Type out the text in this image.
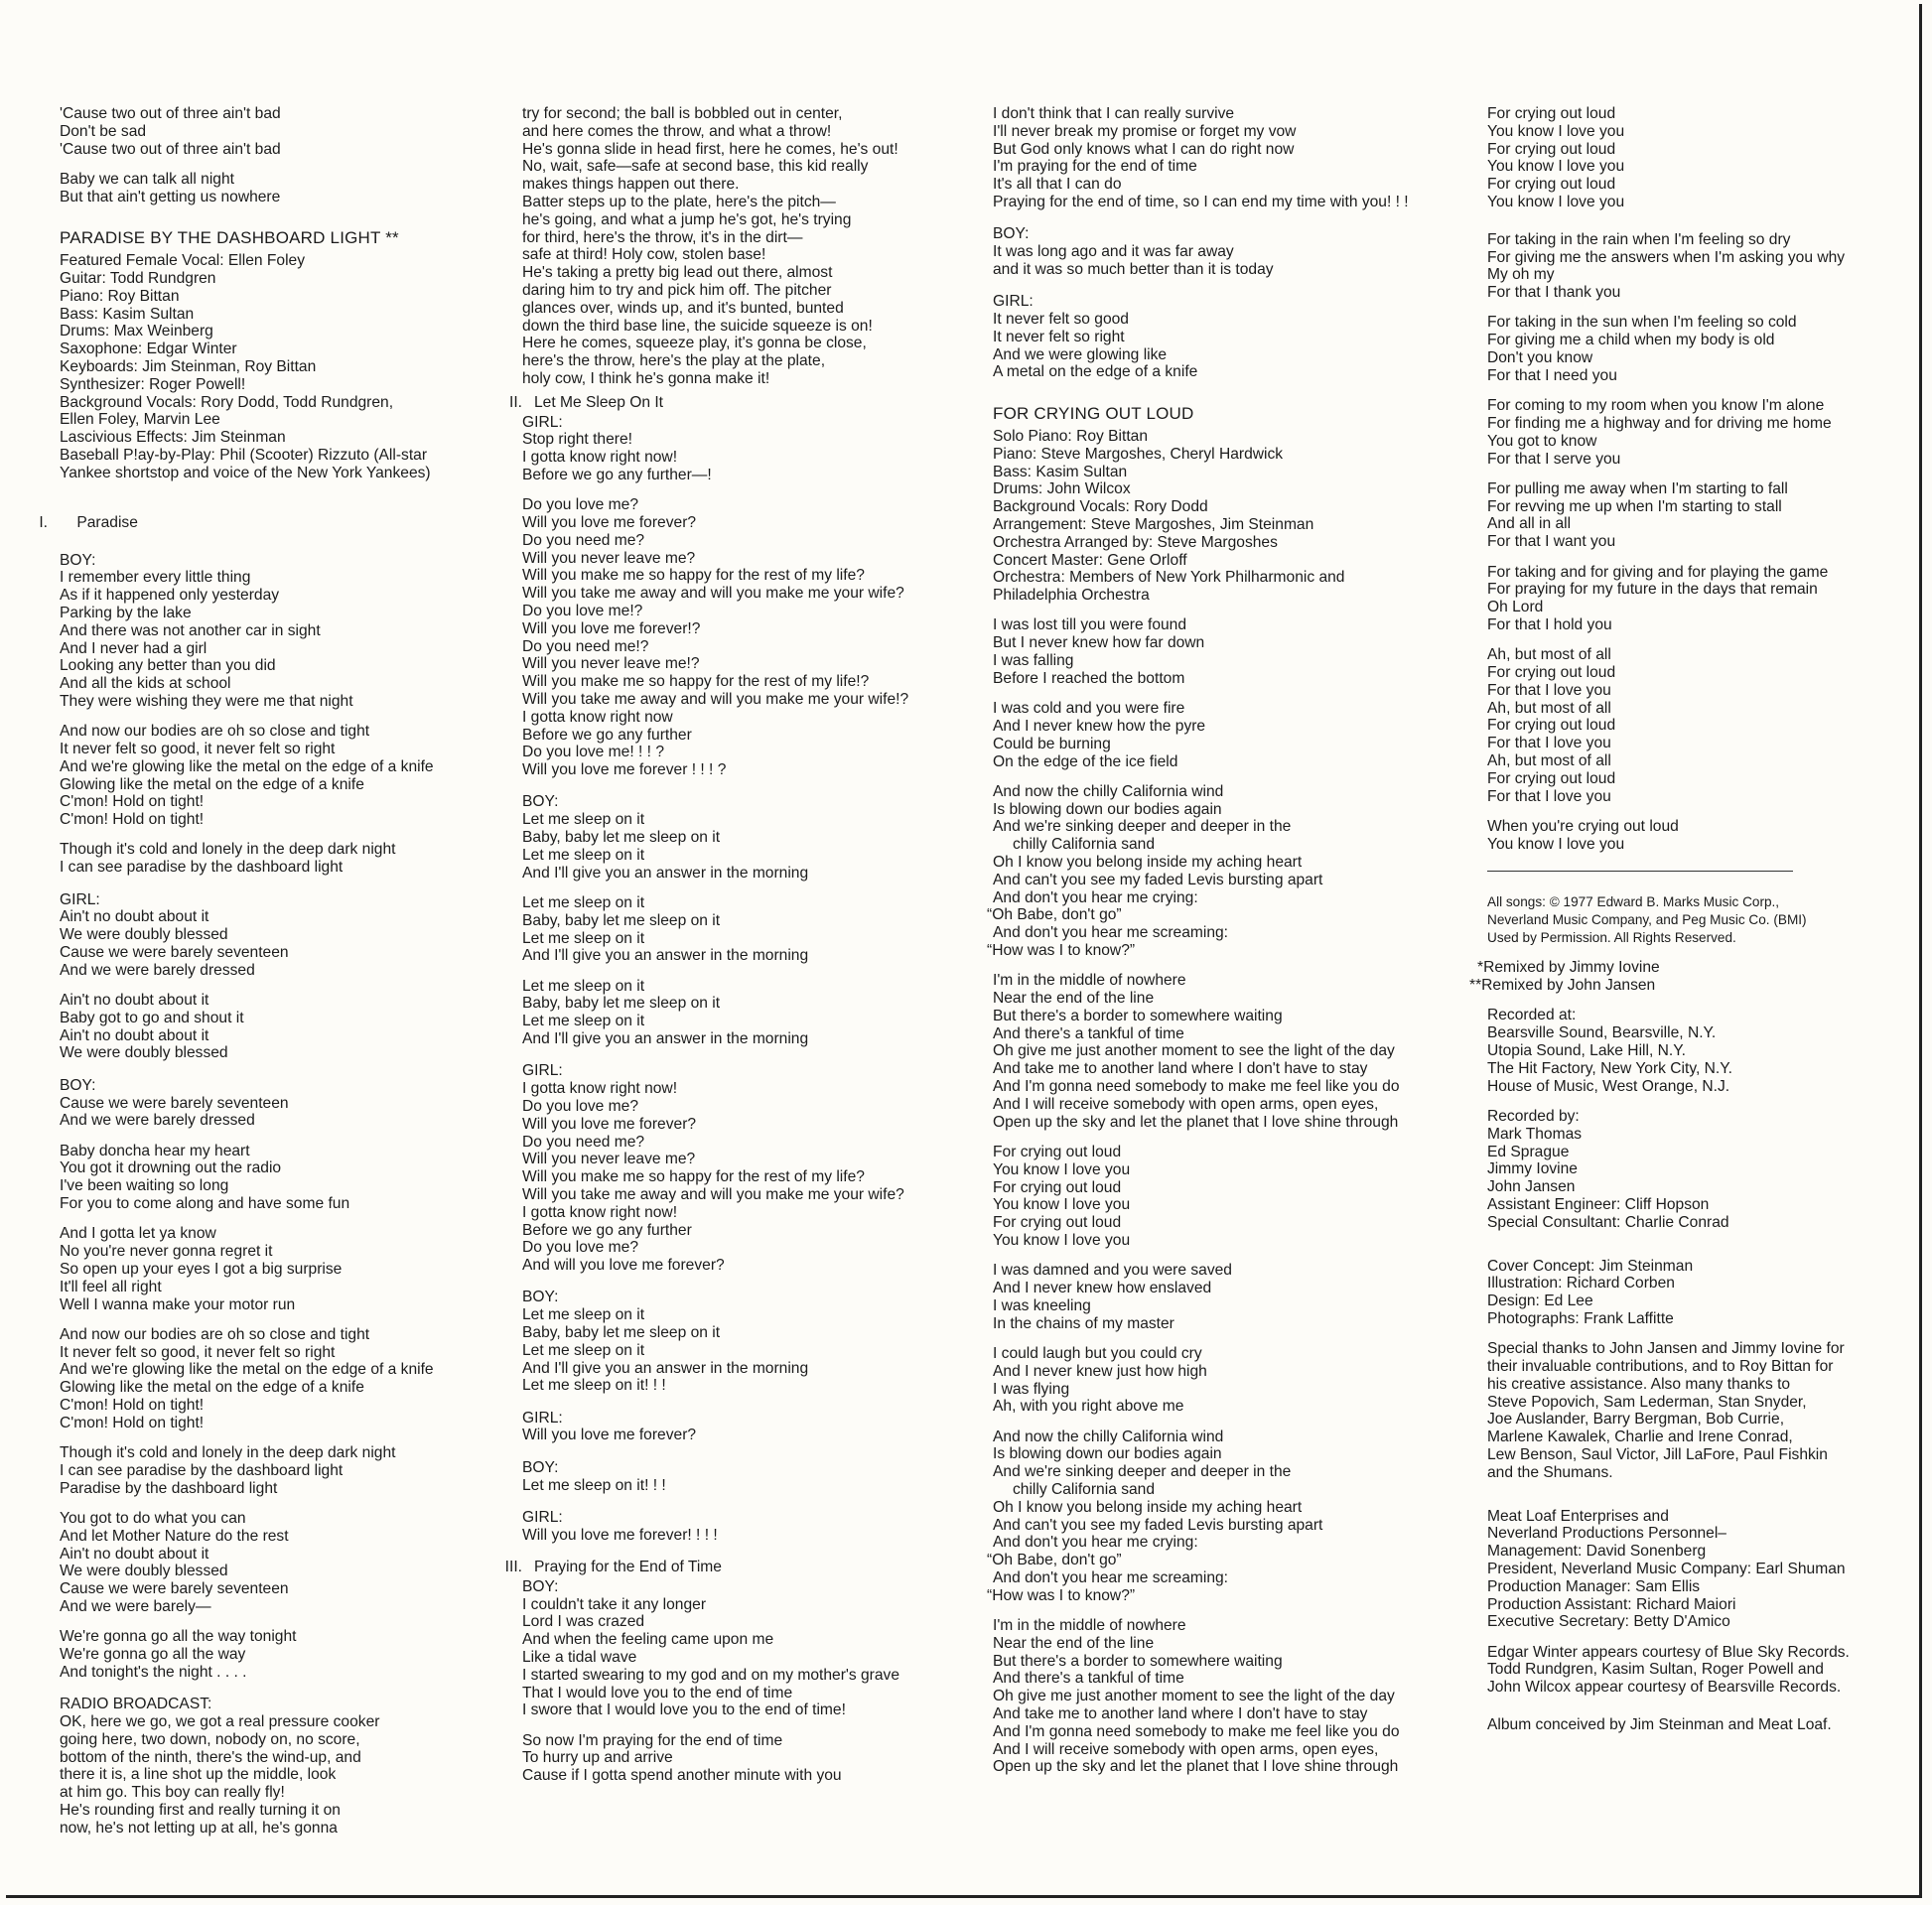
'Cause two out of three ain't bad
Don't be sad
'Cause two out of three ain't bad
Baby we can talk all night
But that ain't getting us nowhere
PARADISE BY THE DASHBOARD LIGHT **
Featured Female Vocal: Ellen Foley
Guitar: Todd Rundgren
Piano: Roy Bittan
Bass: Kasim Sultan
Drums: Max Weinberg
Saxophone: Edgar Winter
Keyboards: Jim Steinman, Roy Bittan
Synthesizer: Roger Powell!
Background Vocals: Rory Dodd, Todd Rundgren,
Ellen Foley, Marvin Lee
Lascivious Effects: Jim Steinman
Baseball P!ay-by-Play: Phil (Scooter) Rizzuto (All-star
Yankee shortstop and voice of the New York Yankees)

I. Paradise

BOY:
I remember every little thing
As if it happened only yesterday
Parking by the lake
And there was not another car in sight
And I never had a girl
Looking any better than you did
And all the kids at school
They were wishing they were me that night
And now our bodies are oh so close and tight
It never felt so good, it never felt so right
And we're glowing like the metal on the edge of a knife
Glowing like the metal on the edge of a knife
C'mon! Hold on tight!
C'mon! Hold on tight!
Though it's cold and lonely in the deep dark night
I can see paradise by the dashboard light
GIRL:
Ain't no doubt about it
We were doubly blessed
Cause we were barely seventeen
And we were barely dressed
Ain't no doubt about it
Baby got to go and shout it
Ain't no doubt about it
We were doubly blessed
BOY:
Cause we were barely seventeen
And we were barely dressed
Baby doncha hear my heart
You got it drowning out the radio
I've been waiting so long
For you to come along and have some fun
And I gotta let ya know
No you're never gonna regret it
So open up your eyes I got a big surprise
It'll feel all right
Well I wanna make your motor run
And now our bodies are oh so close and tight
It never felt so good, it never felt so right
And we're glowing like the metal on the edge of a knife
Glowing like the metal on the edge of a knife
C'mon! Hold on tight!
C'mon! Hold on tight!
Though it's cold and lonely in the deep dark night
I can see paradise by the dashboard light
Paradise by the dashboard light
You got to do what you can
And let Mother Nature do the rest
Ain't no doubt about it
We were doubly blessed
Cause we were barely seventeen
And we were barely—
We're gonna go all the way tonight
We're gonna go all the way
And tonight's the night . . . .
RADIO BROADCAST:
OK, here we go, we got a real pressure cooker
going here, two down, nobody on, no score,
bottom of the ninth, there's the wind-up, and
there it is, a line shot up the middle, look
at him go. This boy can really fly!
He's rounding first and really turning it on
now, he's not letting up at all, he's gonna
try for second; the ball is bobbled out in center,
and here comes the throw, and what a throw!
He's gonna slide in head first, here he comes, he's out!
No, wait, safe—safe at second base, this kid really
makes things happen out there.
Batter steps up to the plate, here's the pitch—
he's going, and what a jump he's got, he's trying
for third, here's the throw, it's in the dirt—
safe at third! Holy cow, stolen base!
He's taking a pretty big lead out there, almost
daring him to try and pick him off. The pitcher
glances over, winds up, and it's bunted, bunted
down the third base line, the suicide squeeze is on!
Here he comes, squeeze play, it's gonna be close,
here's the throw, here's the play at the plate,
holy cow, I think he's gonna make it!
II. Let Me Sleep On It
GIRL:
Stop right there!
I gotta know right now!
Before we go any further—!
Do you love me?
Will you love me forever?
Do you need me?
Will you never leave me?
Will you make me so happy for the rest of my life?
Will you take me away and will you make me your wife?
Do you love me!?
Will you love me forever!?
Do you need me!?
Will you never leave me!?
Will you make me so happy for the rest of my life!?
Will you take me away and will you make me your wife!?
I gotta know right now
Before we go any further
Do you love me! ! ! ?
Will you love me forever ! ! ! ?
BOY:
Let me sleep on it
Baby, baby let me sleep on it
Let me sleep on it
And I'll give you an answer in the morning
Let me sleep on it
Baby, baby let me sleep on it
Let me sleep on it
And I'll give you an answer in the morning
Let me sleep on it
Baby, baby let me sleep on it
Let me sleep on it
And I'll give you an answer in the morning
GIRL:
I gotta know right now!
Do you love me?
Will you love me forever?
Do you need me?
Will you never leave me?
Will you make me so happy for the rest of my life?
Will you take me away and will you make me your wife?
I gotta know right now!
Before we go any further
Do you love me?
And will you love me forever?
BOY:
Let me sleep on it
Baby, baby let me sleep on it
Let me sleep on it
And I'll give you an answer in the morning
Let me sleep on it! ! !
GIRL:
Will you love me forever?
BOY:
Let me sleep on it! ! !
GIRL:
Will you love me forever! ! ! !
III. Praying for the End of Time
BOY:
I couldn't take it any longer
Lord I was crazed
And when the feeling came upon me
Like a tidal wave
I started swearing to my god and on my mother's grave
That I would love you to the end of time
I swore that I would love you to the end of time!
So now I'm praying for the end of time
To hurry up and arrive
Cause if I gotta spend another minute with you
I don't think that I can really survive
I'll never break my promise or forget my vow
But God only knows what I can do right now
I'm praying for the end of time
It's all that I can do
Praying for the end of time, so I can end my time with you! ! !
BOY:
It was long ago and it was far away
and it was so much better than it is today
GIRL:
It never felt so good
It never felt so right
And we were glowing like
A metal on the edge of a knife
FOR CRYING OUT LOUD
Solo Piano: Roy Bittan
Piano: Steve Margoshes, Cheryl Hardwick
Bass: Kasim Sultan
Drums: John Wilcox
Background Vocals: Rory Dodd
Arrangement: Steve Margoshes, Jim Steinman
Orchestra Arranged by: Steve Margoshes
Concert Master: Gene Orloff
Orchestra: Members of New York Philharmonic and
Philadelphia Orchestra
I was lost till you were found
But I never knew how far down
I was falling
Before I reached the bottom
I was cold and you were fire
And I never knew how the pyre
Could be burning
On the edge of the ice field
And now the chilly California wind
Is blowing down our bodies again
And we're sinking deeper and deeper in the
chilly California sand
Oh I know you belong inside my aching heart
And can't you see my faded Levis bursting apart
And don't you hear me crying:
“Oh Babe, don't go”
And don't you hear me screaming:
“How was I to know?”
I'm in the middle of nowhere
Near the end of the line
But there's a border to somewhere waiting
And there's a tankful of time
Oh give me just another moment to see the light of the day
And take me to another land where I don't have to stay
And I'm gonna need somebody to make me feel like you do
And I will receive somebody with open arms, open eyes,
Open up the sky and let the planet that I love shine through
For crying out loud
You know I love you
For crying out loud
You know I love you
For crying out loud
You know I love you
I was damned and you were saved
And I never knew how enslaved
I was kneeling
In the chains of my master
I could laugh but you could cry
And I never knew just how high
I was flying
Ah, with you right above me
And now the chilly California wind
Is blowing down our bodies again
And we're sinking deeper and deeper in the
chilly California sand
Oh I know you belong inside my aching heart
And can't you see my faded Levis bursting apart
And don't you hear me crying:
“Oh Babe, don't go”
And don't you hear me screaming:
“How was I to know?”
I'm in the middle of nowhere
Near the end of the line
But there's a border to somewhere waiting
And there's a tankful of time
Oh give me just another moment to see the light of the day
And take me to another land where I don't have to stay
And I'm gonna need somebody to make me feel like you do
And I will receive somebody with open arms, open eyes,
Open up the sky and let the planet that I love shine through
For crying out loud
You know I love you
For crying out loud
You know I love you
For crying out loud
You know I love you
For taking in the rain when I'm feeling so dry
For giving me the answers when I'm asking you why
My oh my
For that I thank you
For taking in the sun when I'm feeling so cold
For giving me a child when my body is old
Don't you know
For that I need you
For coming to my room when you know I'm alone
For finding me a highway and for driving me home
You got to know
For that I serve you
For pulling me away when I'm starting to fall
For revving me up when I'm starting to stall
And all in all
For that I want you
For taking and for giving and for playing the game
For praying for my future in the days that remain
Oh Lord
For that I hold you
Ah, but most of all
For crying out loud
For that I love you
Ah, but most of all
For crying out loud
For that I love you
Ah, but most of all
For crying out loud
For that I love you
When you're crying out loud
You know I love you
All songs: © 1977 Edward B. Marks Music Corp.,
Neverland Music Company, and Peg Music Co. (BMI)
Used by Permission. All Rights Reserved.
*Remixed by Jimmy Iovine
**Remixed by John Jansen
Recorded at:
Bearsville Sound, Bearsville, N.Y.
Utopia Sound, Lake Hill, N.Y.
The Hit Factory, New York City, N.Y.
House of Music, West Orange, N.J.
Recorded by:
Mark Thomas
Ed Sprague
Jimmy Iovine
John Jansen
Assistant Engineer: Cliff Hopson
Special Consultant: Charlie Conrad
Cover Concept: Jim Steinman
Illustration: Richard Corben
Design: Ed Lee
Photographs: Frank Laffitte
Special thanks to John Jansen and Jimmy Iovine for
their invaluable contributions, and to Roy Bittan for
his creative assistance. Also many thanks to
Steve Popovich, Sam Lederman, Stan Snyder,
Joe Auslander, Barry Bergman, Bob Currie,
Marlene Kawalek, Charlie and Irene Conrad,
Lew Benson, Saul Victor, Jill LaFore, Paul Fishkin
and the Shumans.
Meat Loaf Enterprises and
Neverland Productions Personnel–
Management: David Sonenberg
President, Neverland Music Company: Earl Shuman
Production Manager: Sam Ellis
Production Assistant: Richard Maiori
Executive Secretary: Betty D'Amico
Edgar Winter appears courtesy of Blue Sky Records.
Todd Rundgren, Kasim Sultan, Roger Powell and
John Wilcox appear courtesy of Bearsville Records.
Album conceived by Jim Steinman and Meat Loaf.
